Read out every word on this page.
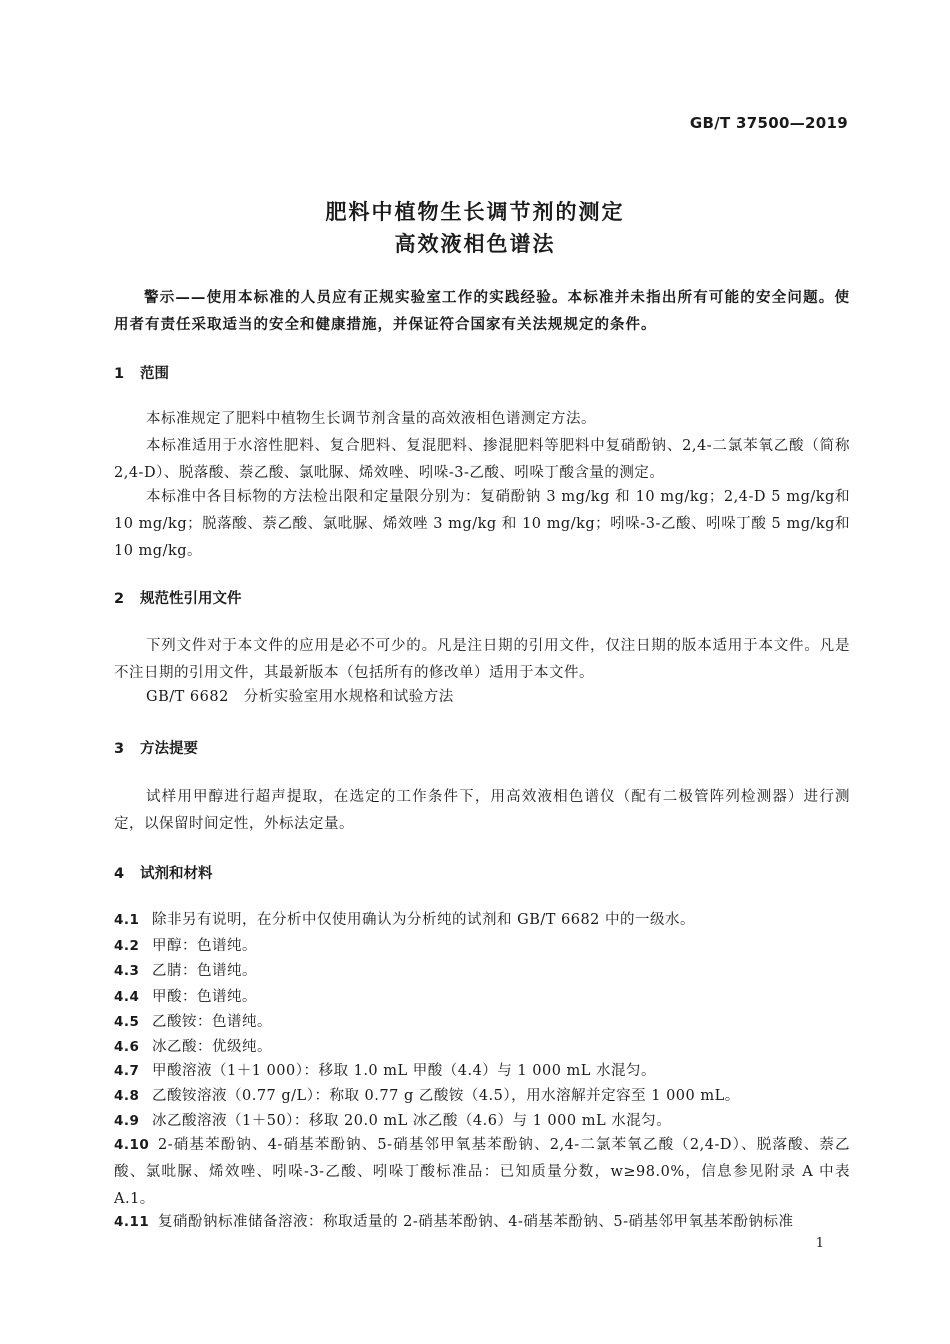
GB/T 37500—2019
肥料中植物生长调节剂的测定
高效液相色谱法
警示——使用本标准的人员应有正规实验室工作的实践经验。本标准并未指出所有可能的安全问题。使用者有责任采取适当的安全和健康措施，并保证符合国家有关法规规定的条件。
1 范围
本标准规定了肥料中植物生长调节剂含量的高效液相色谱测定方法。
本标准适用于水溶性肥料、复合肥料、复混肥料、掺混肥料等肥料中复硝酚钠、2,4-二氯苯氧乙酸（简称 2,4-D）、脱落酸、萘乙酸、氯吡脲、烯效唑、吲哚-3-乙酸、吲哚丁酸含量的测定。
本标准中各目标物的方法检出限和定量限分别为：复硝酚钠 3 mg/kg 和 10 mg/kg；2,4-D 5 mg/kg和 10 mg/kg；脱落酸、萘乙酸、氯吡脲、烯效唑 3 mg/kg 和 10 mg/kg；吲哚-3-乙酸、吲哚丁酸 5 mg/kg和 10 mg/kg。
2 规范性引用文件
下列文件对于本文件的应用是必不可少的。凡是注日期的引用文件，仅注日期的版本适用于本文件。凡是不注日期的引用文件，其最新版本（包括所有的修改单）适用于本文件。
GB/T 6682　分析实验室用水规格和试验方法
3 方法提要
试样用甲醇进行超声提取，在选定的工作条件下，用高效液相色谱仪（配有二极管阵列检测器）进行测定，以保留时间定性，外标法定量。
4 试剂和材料
4.1 除非另有说明，在分析中仅使用确认为分析纯的试剂和 GB/T 6682 中的一级水。
4.2 甲醇：色谱纯。
4.3 乙腈：色谱纯。
4.4 甲酸：色谱纯。
4.5 乙酸铵：色谱纯。
4.6 冰乙酸：优级纯。
4.7 甲酸溶液（1＋1 000）：移取 1.0 mL 甲酸（4.4）与 1 000 mL 水混匀。
4.8 乙酸铵溶液（0.77 g/L）：称取 0.77 g 乙酸铵（4.5），用水溶解并定容至 1 000 mL。
4.9 冰乙酸溶液（1＋50）：移取 20.0 mL 冰乙酸（4.6）与 1 000 mL 水混匀。
4.10 2-硝基苯酚钠、4-硝基苯酚钠、5-硝基邻甲氧基苯酚钠、2,4-二氯苯氧乙酸（2,4-D）、脱落酸、萘乙酸、氯吡脲、烯效唑、吲哚-3-乙酸、吲哚丁酸标准品：已知质量分数，w≥98.0%，信息参见附录 A 中表 A.1。
4.11 复硝酚钠标准储备溶液：称取适量的 2-硝基苯酚钠、4-硝基苯酚钠、5-硝基邻甲氧基苯酚钠标准
1
